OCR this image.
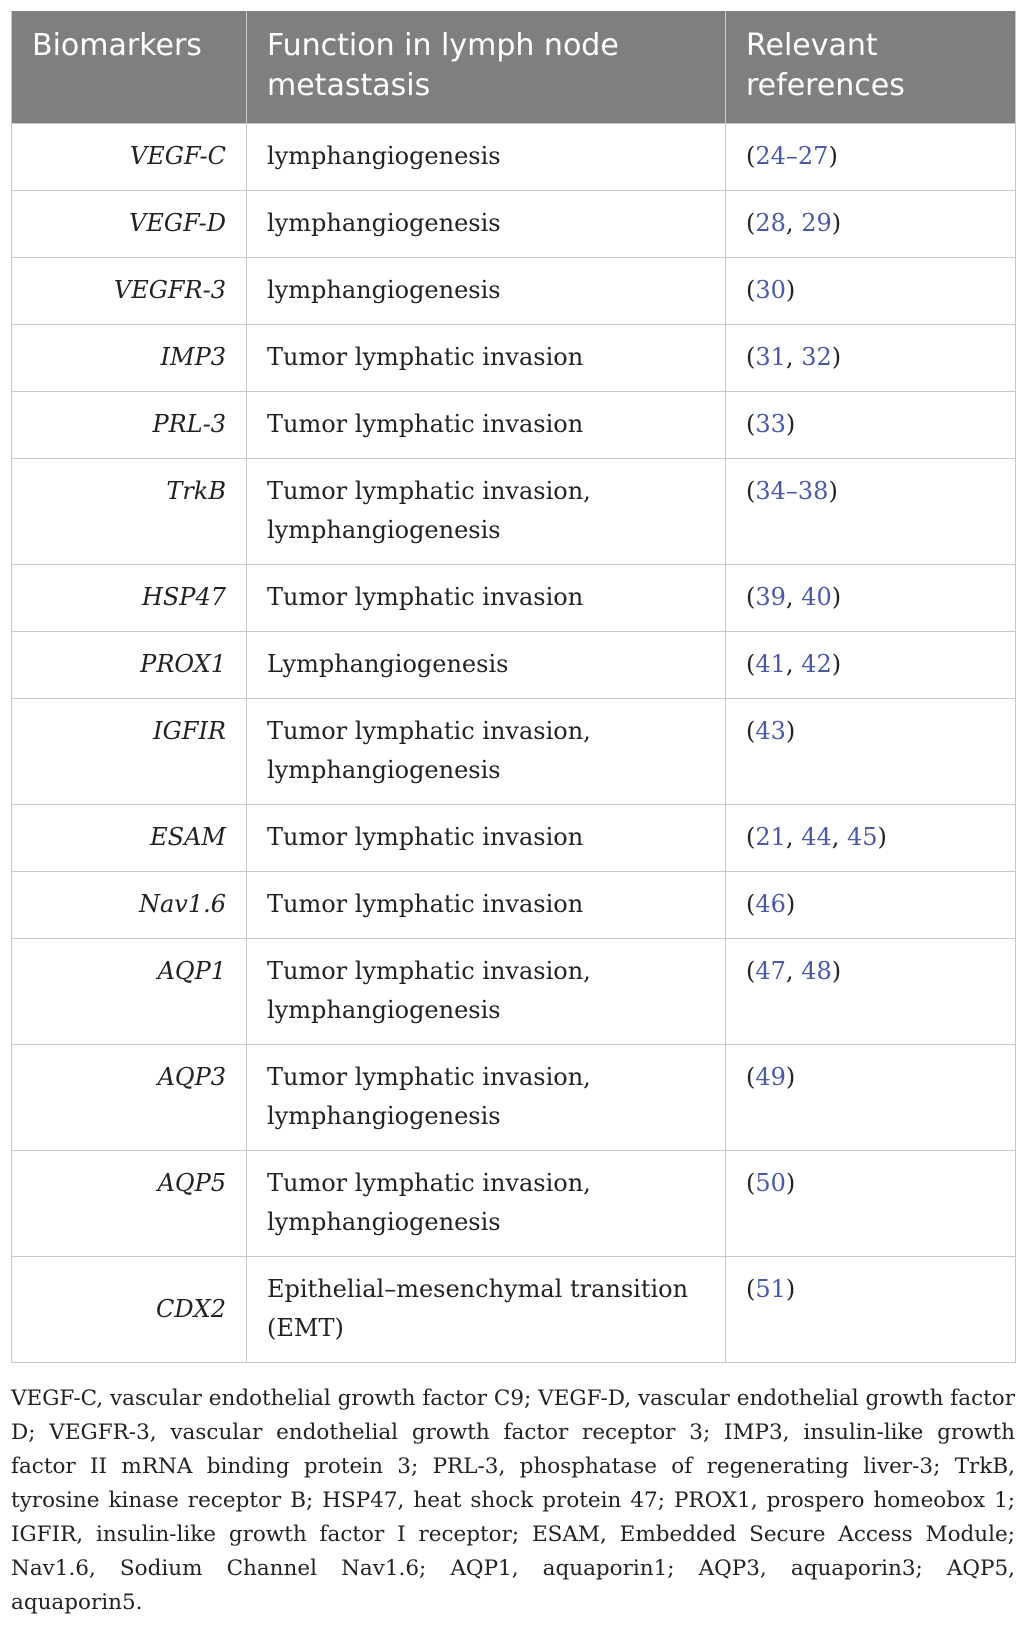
Biomarkers	Function in lymph node metastasis	Relevant references
VEGF-C	lymphangiogenesis	(24–27)
VEGF-D	lymphangiogenesis	(28, 29)
VEGFR-3	lymphangiogenesis	(30)
IMP3	Tumor lymphatic invasion	(31, 32)
PRL-3	Tumor lymphatic invasion	(33)
TrkB	Tumor lymphatic invasion, lymphangiogenesis	(34–38)
HSP47	Tumor lymphatic invasion	(39, 40)
PROX1	Lymphangiogenesis	(41, 42)
IGFIR	Tumor lymphatic invasion, lymphangiogenesis	(43)
ESAM	Tumor lymphatic invasion	(21, 44, 45)
Nav1.6	Tumor lymphatic invasion	(46)
AQP1	Tumor lymphatic invasion, lymphangiogenesis	(47, 48)
AQP3	Tumor lymphatic invasion, lymphangiogenesis	(49)
AQP5	Tumor lymphatic invasion, lymphangiogenesis	(50)
CDX2	Epithelial–mesenchymal transition (EMT)	(51)

VEGF-C, vascular endothelial growth factor C9; VEGF-D, vascular endothelial growth factor D; VEGFR-3, vascular endothelial growth factor receptor 3; IMP3, insulin-like growth factor II mRNA binding protein 3; PRL-3, phosphatase of regenerating liver-3; TrkB, tyrosine kinase receptor B; HSP47, heat shock protein 47; PROX1, prospero homeobox 1; IGFIR, insulin-like growth factor I receptor; ESAM, Embedded Secure Access Module; Nav1.6, Sodium Channel Nav1.6; AQP1, aquaporin1; AQP3, aquaporin3; AQP5, aquaporin5.
